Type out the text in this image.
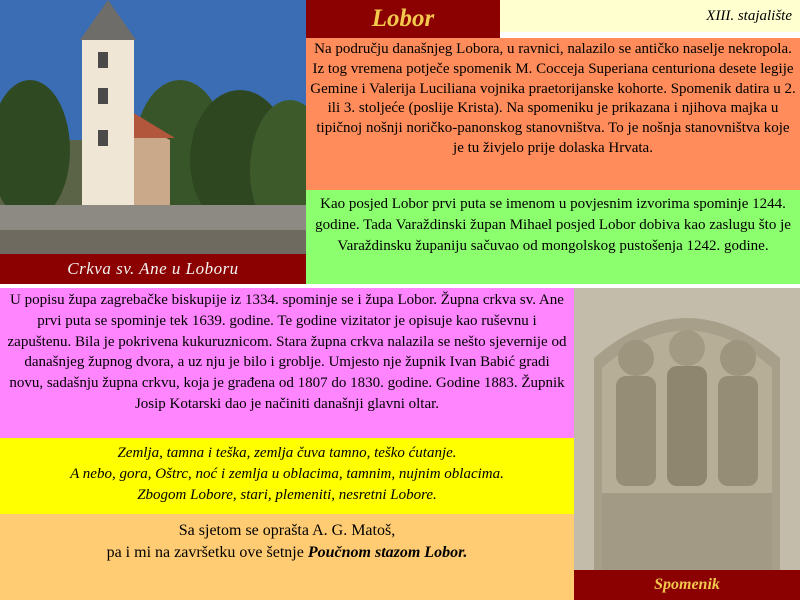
Crkva sv. Ane u Loboru
Lobor	XIII. stajalište

Na području današnjeg Lobora, u ravnici, nalazilo se antičko naselje nekropola. Iz tog vremena potječe spomenik M. Cocceja Superiana centuriona desete legije Gemine i Valerija Luciliana vojnika praetorijanske kohorte. Spomenik datira u 2. ili 3. stoljeće (poslije Krista). Na spomeniku je prikazana i njihova majka u tipičnoj nošnji noričko-panonskog stanovništva. To je nošnja stanovništva koje je tu živjelo prije dolaska Hrvata.

Kao posjed Lobor prvi puta se imenom u povjesnim izvorima spominje 1244. godine. Tada Varaždinski župan Mihael posjed Lobor dobiva kao zaslugu što je Varaždinsku županiju sačuvao od mongolskog pustošenja 1242. godine.

U popisu župa zagrebačke biskupije iz 1334. spominje se i župa Lobor. Župna crkva sv. Ane prvi puta se spominje tek 1639. godine. Te godine vizitator je opisuje kao ruševnu i zapuštenu. Bila je pokrivena kukuruznicom. Stara župna crkva nalazila se nešto sjevernije od današnjeg župnog dvora, a uz nju je bilo i groblje. Umjesto nje župnik Ivan Babić gradi novu, sadašnju župna crkvu, koja je građena od 1807 do 1830. godine. Godine 1883. Župnik Josip Kotarski dao je načiniti današnji glavni oltar.

Zemlja, tamna i teška, zemlja čuva tamno, teško ćutanje.

A nebo, gora, Oštrc, noć i zemlja u oblacima, tamnim, nujnim oblacima.

Zbogom Lobore, stari, plemeniti, nesretni Lobore.

Sa sjetom se oprašta A. G. Matoš,

pa i mi na završetku ove šetnje Poučnom stazom Lobor.

Spomenik
